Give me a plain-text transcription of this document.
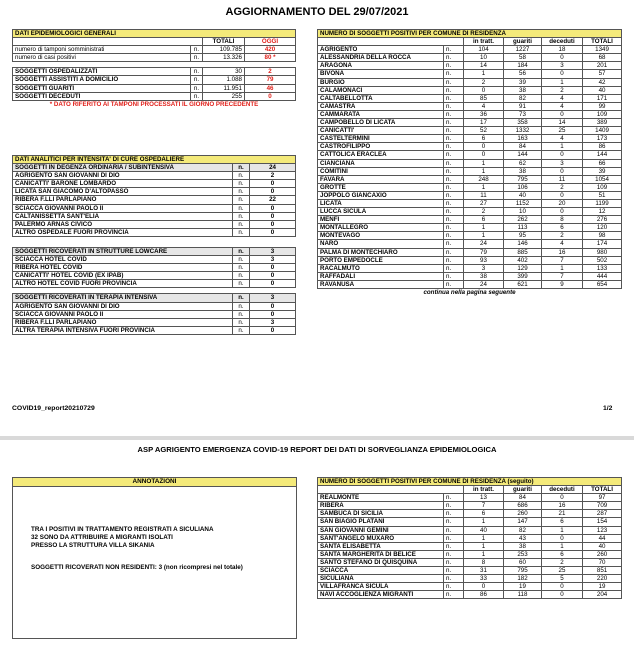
AGGIORNAMENTO DEL 29/07/2021
DATI EPIDEMIOLOGICI GENERALI			
		TOTALI	OGGI
numero di tamponi somministrati	n.	109.785	420
numero di casi positivi	n.	13.326	80 *

SOGGETTI OSPEDALIZZATI	n.	30	2
SOGGETTI ASSISTITI A DOMICILIO	n.	1.088	79
SOGGETTI GUARITI	n.	11.951	46
SOGGETTI DECEDUTI	n.	255	0
* DATO RIFERITO AI TAMPONI PROCESSATI IL GIORNO PRECEDENTE			
DATI ANALITICI PER INTENSITA' DI CURE OSPEDALIERE		
SOGGETTI IN DEGENZA ORDINARIA / SUBINTENSIVA	n.	24
AGRIGENTO SAN GIOVANNI DI DIO	n.	2
CANICATTI' BARONE LOMBARDO	n.	0
LICATA SAN GIACOMO D'ALTOPASSO	n.	0
RIBERA F.LLI PARLAPIANO	n.	22
SCIACCA GIOVANNI PAOLO II	n.	0
CALTANISSETTA SANT'ELIA	n.	0
PALERMO ARNAS CIVICO	n.	0
ALTRO OSPEDALE FUORI PROVINCIA	n.	0

SOGGETTI RICOVERATI IN STRUTTURE LOWCARE	n.	3
SCIACCA HOTEL COVID	n.	3
RIBERA HOTEL COVID	n.	0
CANICATTI' HOTEL COVID (EX IPAB)	n.	0
ALTRO HOTEL COVID FUORI PROVINCIA	n.	0

SOGGETTI RICOVERATI IN TERAPIA INTENSIVA	n.	3
AGRIGENTO SAN GIOVANNI DI DIO	n.	0
SCIACCA GIOVANNI PAOLO II	n.	0
RIBERA F.LLI PARLAPIANO	n.	3
ALTRA TERAPIA INTENSIVA FUORI PROVINCIA	n.	0
NUMERO DI SOGGETTI POSITIVI PER COMUNE DI RESIDENZA					
		in tratt.	guariti	deceduti	TOTALI
AGRIGENTO	n.	104	1227	18	1349
ALESSANDRIA DELLA ROCCA	n.	10	58	0	68
ARAGONA	n.	14	184	3	201
BIVONA	n.	1	56	0	57
BURGIO	n.	2	39	1	42
CALAMONACI	n.	0	38	2	40
CALTABELLOTTA	n.	85	82	4	171
CAMASTRA	n.	4	91	4	99
CAMMARATA	n.	36	73	0	109
CAMPOBELLO DI LICATA	n.	17	358	14	389
CANICATTI'	n.	52	1332	25	1409
CASTELTERMINI	n.	6	163	4	173
CASTROFILIPPO	n.	0	84	1	86
CATTOLICA ERACLEA	n.	0	144	0	144
CIANCIANA	n.	1	62	3	66
COMITINI	n.	1	38	0	39
FAVARA	n.	248	795	11	1054
GROTTE	n.	1	106	2	109
JOPPOLO GIANCAXIO	n.	11	40	0	51
LICATA	n.	27	1152	20	1199
LUCCA SICULA	n.	2	10	0	12
MENFI	n.	6	262	8	276
MONTALLEGRO	n.	1	113	6	120
MONTEVAGO	n.	1	95	2	98
NARO	n.	24	146	4	174
PALMA DI MONTECHIARO	n.	79	885	16	980
PORTO EMPEDOCLE	n.	93	402	7	502
RACALMUTO	n.	3	129	1	133
RAFFADALI	n.	38	399	7	444
RAVANUSA	n.	24	621	9	654
continua nella pagina seguente					
COVID19_report20210729	1/2
ASP AGRIGENTO EMERGENZA COVID-19 REPORT DEI DATI DI SORVEGLIANZA EPIDEMIOLOGICA
ANNOTAZIONI
TRA I POSITIVI IN TRATTAMENTO REGISTRATI A SICULIANA
32 SONO DA ATTRIBUIRE A MIGRANTI ISOLATI
PRESSO LA STRUTTURA VILLA SIKANIA
SOGGETTI RICOVERATI NON RESIDENTI: 3 (non ricompresi nel totale)
NUMERO DI SOGGETTI POSITIVI PER COMUNE DI RESIDENZA (seguito)					
		in tratt.	guariti	deceduti	TOTALI
REALMONTE	n.	13	84	0	97
RIBERA	n.	7	686	16	709
SAMBUCA DI SICILIA	n.	6	260	21	287
SAN BIAGIO PLATANI	n.	1	147	6	154
SAN GIOVANNI GEMINI	n.	40	82	1	123
SANT'ANGELO MUXARO	n.	1	43	0	44
SANTA ELISABETTA	n.	1	38	1	40
SANTA MARGHERITA DI BELICE	n.	1	253	6	260
SANTO STEFANO DI QUISQUINA	n.	8	60	2	70
SCIACCA	n.	31	795	25	851
SICULIANA	n.	33	182	5	220
VILLAFRANCA SICULA	n.	0	19	0	19
NAVI ACCOGLIENZA MIGRANTI	n.	86	118	0	204
